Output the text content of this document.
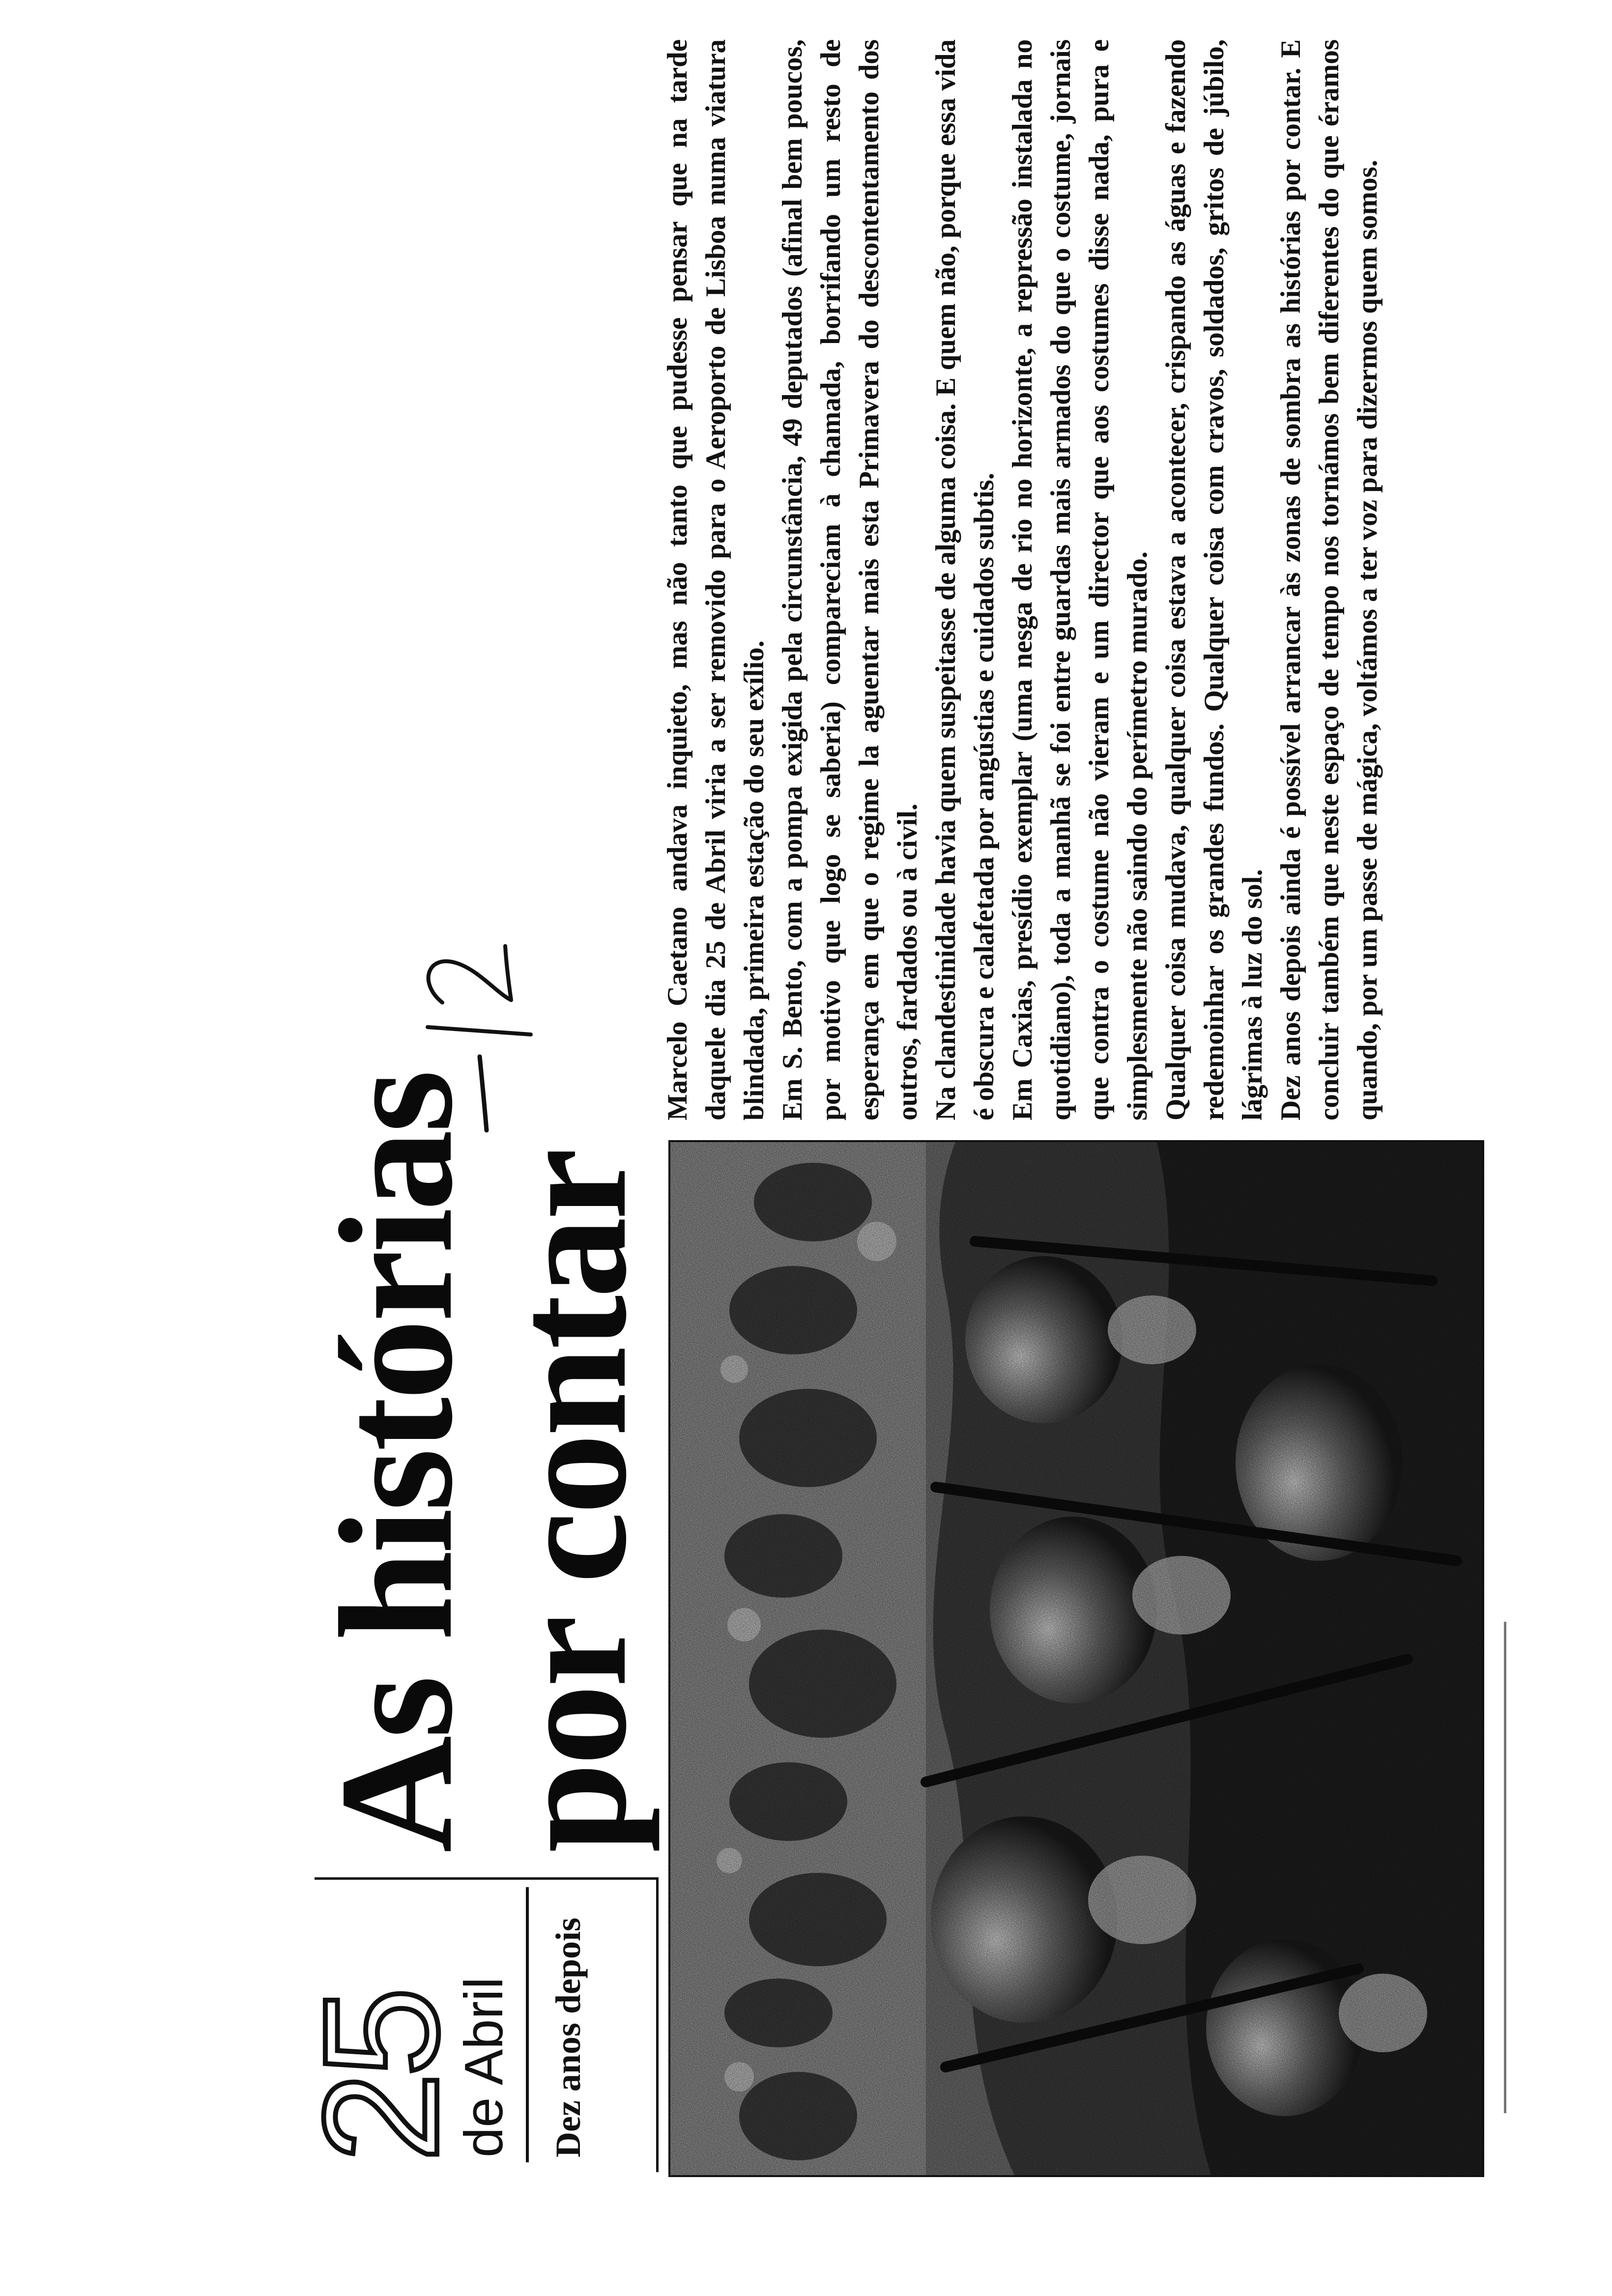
25
de Abril Dez anos depois
As histórias
por contar

Marcelo Caetano andava inquieto, mas não tanto que pudesse pensar que na tarde daquele dia 25 de Abril viria a ser removido para o Aeroporto de Lisboa numa viatura blindada, primeira estação do seu exílio. Em S. Bento, com a pompa exigida pela circunstância, 49 deputados (afinal bem poucos, por motivo que logo se saberia) compareciam à chamada, borrifando um resto de esperança em que o regime la aguentar mais esta Primavera do descontentamento dos outros, fardados ou à civil. Na clandestinidade havia quem suspeitasse de alguma coisa. E quem não, porque essa vida é obscura e calafetada por angústias e cuidados subtis. Em Caxias, presídio exemplar (uma nesga de rio no horizonte, a repressão instalada no quotidiano), toda a manhã se foi entre guardas mais armados do que o costume, jornais que contra o costume não vieram e um director que aos costumes disse nada, pura e simplesmente não saindo do perímetro murado. Qualquer coisa mudava, qualquer coisa estava a acontecer, crispando as águas e fazendo redemoinhar os grandes fundos. Qualquer coisa com cravos, soldados, gritos de júbilo, lágrimas à luz do sol. Dez anos depois ainda é possível arrancar às zonas de sombra as histórias por contar. E concluir também que neste espaço de tempo nos tornámos bem diferentes do que éramos quando, por um passe de mágica, voltámos a ter voz para dizermos quem somos.
